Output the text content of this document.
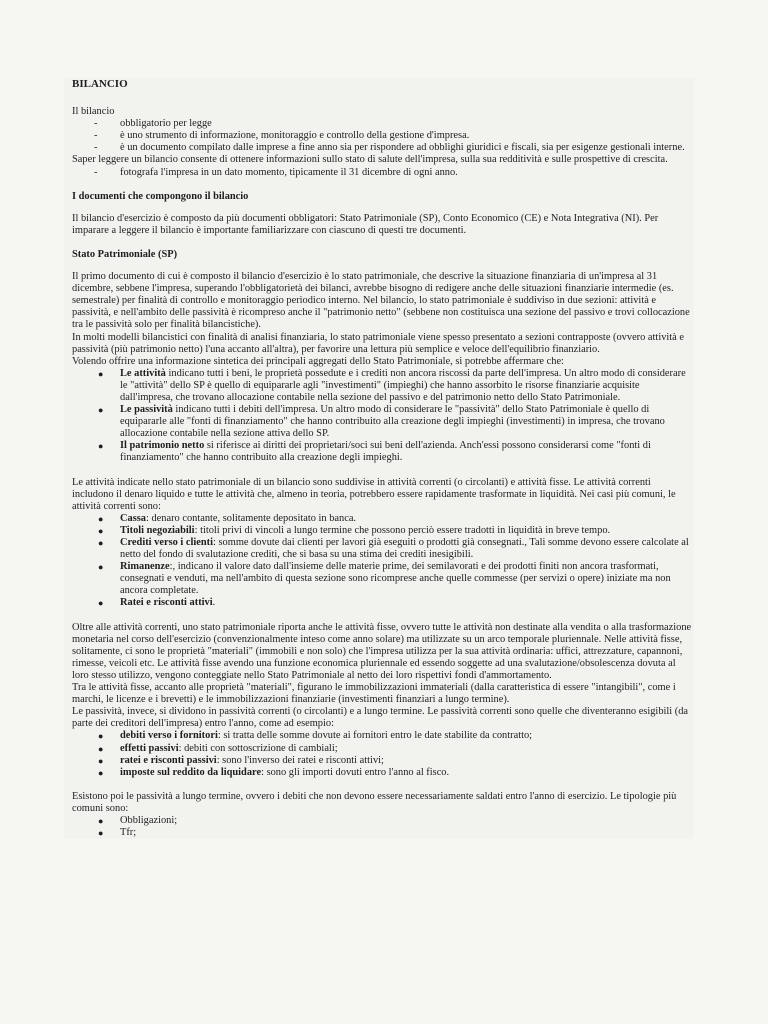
BILANCIO

Il bilancio

- obbligatorio per legge
- è uno strumento di informazione, monitoraggio e controllo della gestione d'impresa.
- è un documento compilato dalle imprese a fine anno sia per rispondere ad obblighi giuridici e fiscali, sia per esigenze gestionali interne.

Saper leggere un bilancio consente di ottenere informazioni sullo stato di salute dell'impresa, sulla sua redditività e sulle prospettive di crescita.

- fotografa l'impresa in un dato momento, tipicamente il 31 dicembre di ogni anno.

I documenti che compongono il bilancio

Il bilancio d'esercizio è composto da più documenti obbligatori: Stato Patrimoniale (SP), Conto Economico (CE) e Nota Integrativa (NI). Per imparare a leggere il bilancio è importante familiarizzare con ciascuno di questi tre documenti.

Stato Patrimoniale (SP)

Il primo documento di cui è composto il bilancio d'esercizio è lo stato patrimoniale, che descrive la situazione finanziaria di un'impresa al 31 dicembre, sebbene l'impresa, superando l'obbligatorietà dei bilanci, avrebbe bisogno di redigere anche delle situazioni finanziarie intermedie (es. semestrale) per finalità di controllo e monitoraggio periodico interno. Nel bilancio, lo stato patrimoniale è suddiviso in due sezioni: attività e passività, e nell'ambito delle passività è ricompreso anche il "patrimonio netto" (sebbene non costituisca una sezione del passivo e trovi collocazione tra le passività solo per finalità bilancistiche).

In molti modelli bilancistici con finalità di analisi finanziaria, lo stato patrimoniale viene spesso presentato a sezioni contrapposte (ovvero attività e passività (più patrimonio netto) l'una accanto all'altra), per favorire una lettura più semplice e veloce dell'equilibrio finanziario.

Volendo offrire una informazione sintetica dei principali aggregati dello Stato Patrimoniale, si potrebbe affermare che:

● Le attività indicano tutti i beni, le proprietà possedute e i crediti non ancora riscossi da parte dell'impresa. Un altro modo di considerare le "attività" dello SP è quello di equipararle agli "investimenti" (impieghi) che hanno assorbito le risorse finanziarie acquisite dall'impresa, che trovano allocazione contabile nella sezione del passivo e del patrimonio netto dello Stato Patrimoniale.
● Le passività indicano tutti i debiti dell'impresa. Un altro modo di considerare le "passività" dello Stato Patrimoniale è quello di equipararle alle "fonti di finanziamento" che hanno contribuito alla creazione degli impieghi (investimenti) in impresa, che trovano allocazione contabile nella sezione attiva dello SP.
● Il patrimonio netto si riferisce ai diritti dei proprietari/soci sui beni dell'azienda. Anch'essi possono considerarsi come "fonti di finanziamento" che hanno contribuito alla creazione degli impieghi.

Le attività indicate nello stato patrimoniale di un bilancio sono suddivise in attività correnti (o circolanti) e attività fisse. Le attività correnti includono il denaro liquido e tutte le attività che, almeno in teoria, potrebbero essere rapidamente trasformate in liquidità. Nei casi più comuni, le attività correnti sono:

● Cassa: denaro contante, solitamente depositato in banca.
● Titoli negoziabili: titoli privi di vincoli a lungo termine che possono perciò essere tradotti in liquidità in breve tempo.
● Crediti verso i clienti: somme dovute dai clienti per lavori già eseguiti o prodotti già consegnati., Tali somme devono essere calcolate al netto del fondo di svalutazione crediti, che si basa su una stima dei crediti inesigibili.
● Rimanenze:, indicano il valore dato dall'insieme delle materie prime, dei semilavorati e dei prodotti finiti non ancora trasformati, consegnati e venduti, ma nell'ambito di questa sezione sono ricomprese anche quelle commesse (per servizi o opere) iniziate ma non ancora completate.
● Ratei e risconti attivi.

Oltre alle attività correnti, uno stato patrimoniale riporta anche le attività fisse, ovvero tutte le attività non destinate alla vendita o alla trasformazione monetaria nel corso dell'esercizio (convenzionalmente inteso come anno solare) ma utilizzate su un arco temporale pluriennale. Nelle attività fisse, solitamente, ci sono le proprietà "materiali" (immobili e non solo) che l'impresa utilizza per la sua attività ordinaria: uffici, attrezzature, capannoni, rimesse, veicoli etc. Le attività fisse avendo una funzione economica pluriennale ed essendo soggette ad una svalutazione/obsolescenza dovuta al loro stesso utilizzo, vengono conteggiate nello Stato Patrimoniale al netto dei loro rispettivi fondi d'ammortamento.

Tra le attività fisse, accanto alle proprietà "materiali", figurano le immobilizzazioni immateriali (dalla caratteristica di essere "intangibili", come i marchi, le licenze e i brevetti) e le immobilizzazioni finanziarie (investimenti finanziari a lungo termine).

Le passività, invece, si dividono in passività correnti (o circolanti) e a lungo termine. Le passività correnti sono quelle che diventeranno esigibili (da parte dei creditori dell'impresa) entro l'anno, come ad esempio:

● debiti verso i fornitori: si tratta delle somme dovute ai fornitori entro le date stabilite da contratto;
● effetti passivi: debiti con sottoscrizione di cambiali;
● ratei e risconti passivi: sono l'inverso dei ratei e risconti attivi;
● imposte sul reddito da liquidare: sono gli importi dovuti entro l'anno al fisco.

Esistono poi le passività a lungo termine, ovvero i debiti che non devono essere necessariamente saldati entro l'anno di esercizio. Le tipologie più comuni sono:

● Obbligazioni;
● Tfr;
